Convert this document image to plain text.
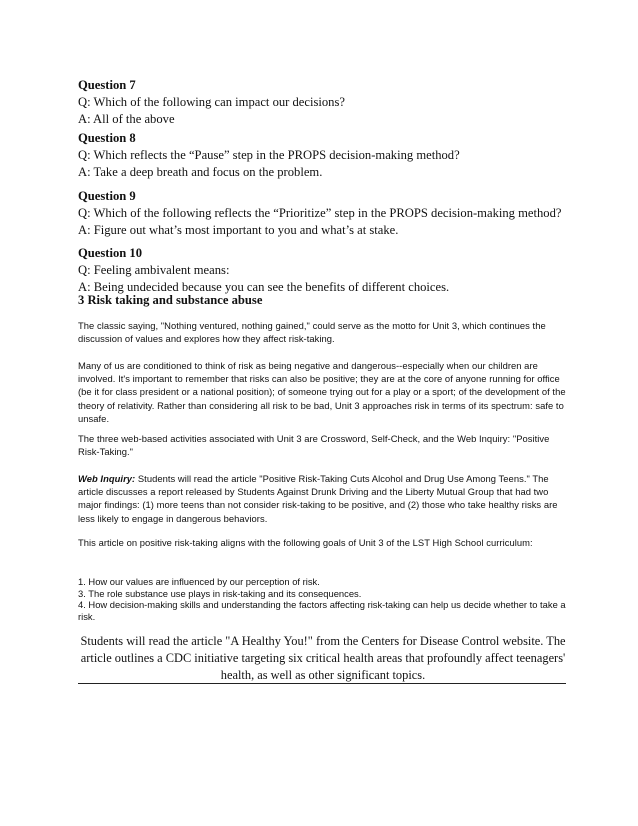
Question 7

Q: Which of the following can impact our decisions?

A: All of the above

Question 8

Q: Which reflects the “Pause” step in the PROPS decision-making method?

A: Take a deep breath and focus on the problem.

Question 9

Q: Which of the following reflects the “Prioritize” step in the PROPS decision-making method?

A: Figure out what’s most important to you and what’s at stake.

Question 10

Q: Feeling ambivalent means:

A: Being undecided because you can see the benefits of different choices.

3 Risk taking and substance abuse

The classic saying, "Nothing ventured, nothing gained," could serve as the motto for Unit 3, which continues the discussion of values and explores how they affect risk-taking.

Many of us are conditioned to think of risk as being negative and dangerous--especially when our children are involved. It's important to remember that risks can also be positive; they are at the core of anyone running for office (be it for class president or a national position); of someone trying out for a play or a sport; of the development of the theory of relativity. Rather than considering all risk to be bad, Unit 3 approaches risk in terms of its spectrum: safe to unsafe.

The three web-based activities associated with Unit 3 are Crossword, Self-Check, and the Web Inquiry: "Positive Risk-Taking."

Web Inquiry: Students will read the article "Positive Risk-Taking Cuts Alcohol and Drug Use Among Teens." The article discusses a report released by Students Against Drunk Driving and the Liberty Mutual Group that had two major findings: (1) more teens than not consider risk-taking to be positive, and (2) those who take healthy risks are less likely to engage in dangerous behaviors.

This article on positive risk-taking aligns with the following goals of Unit 3 of the LST High School curriculum:

1. How our values are influenced by our perception of risk.
3. The role substance use plays in risk-taking and its consequences.
4. How decision-making skills and understanding the factors affecting risk-taking can help us decide whether to take a risk.

Students will read the article "A Healthy You!" from the Centers for Disease Control website. The article outlines a CDC initiative targeting six critical health areas that profoundly affect teenagers' health, as well as other significant topics.
